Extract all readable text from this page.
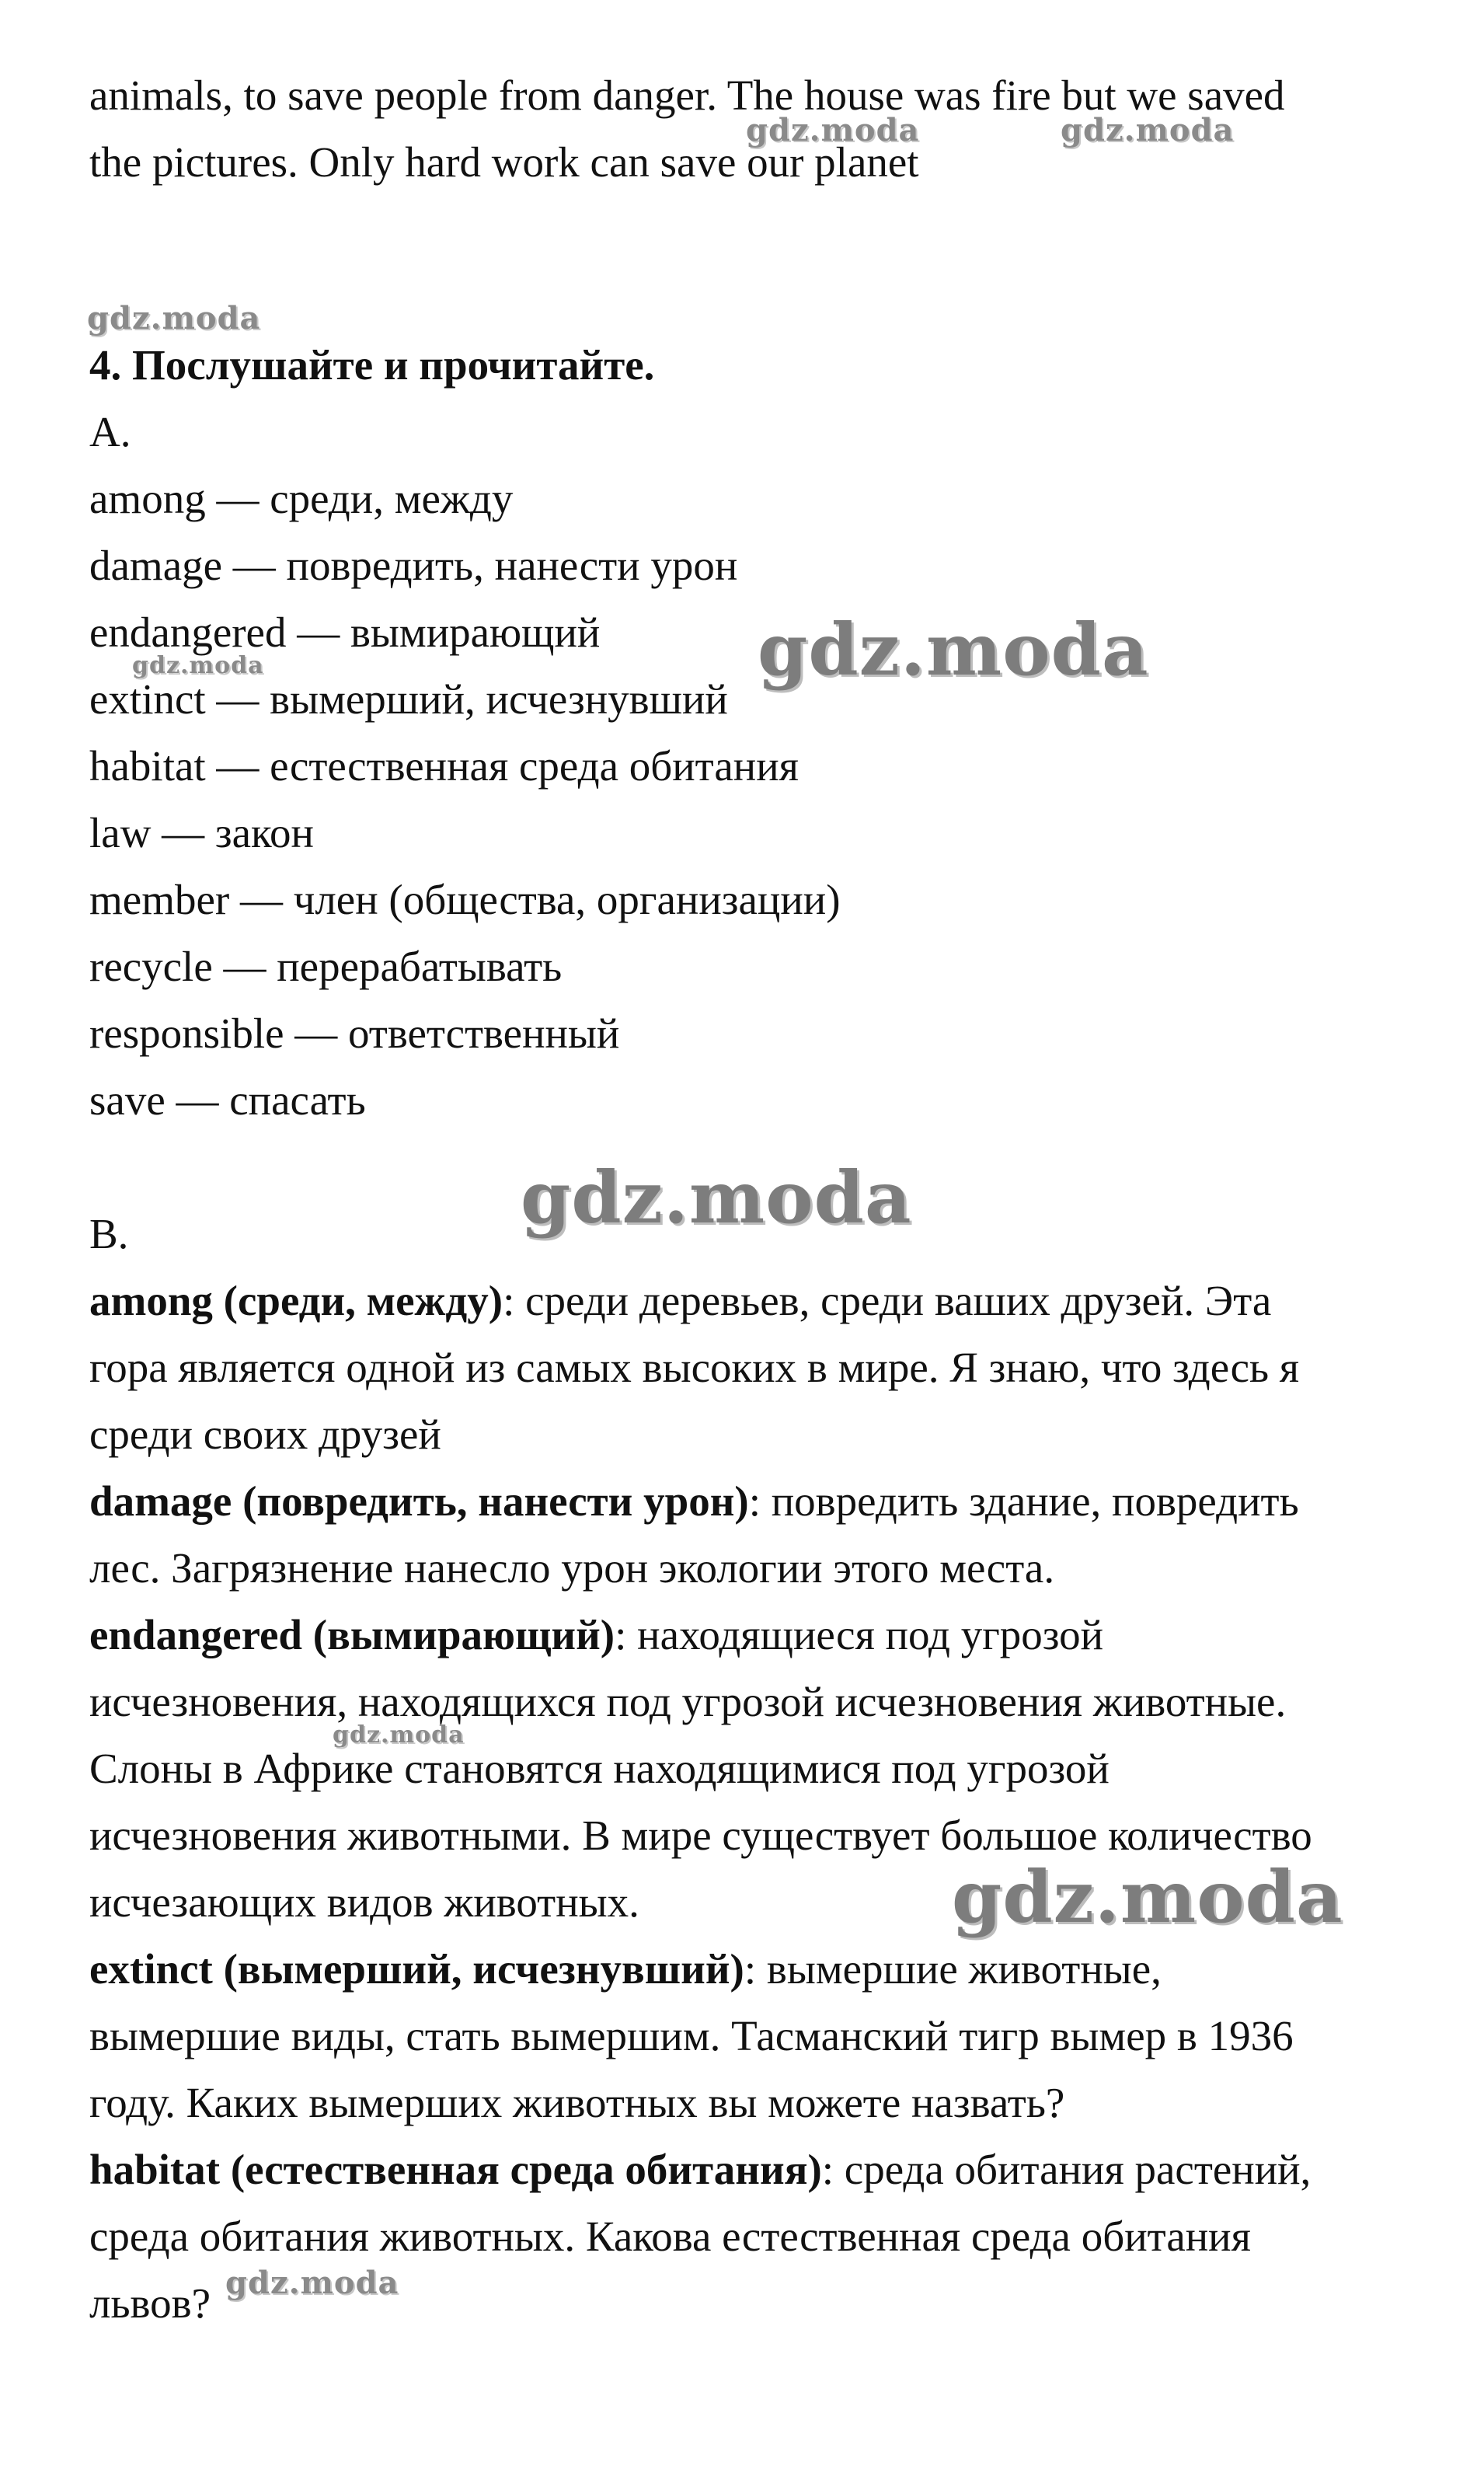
animals, to save people from danger. The house was fire but we saved
the pictures. Only hard work can save our planet
4. Послушайте и прочитайте.
A.
among — среди, между
damage — повредить, нанести урон
endangered — вымирающий
extinct — вымерший, исчезнувший
habitat — естественная среда обитания
law — закон
member — член (общества, организации)
recycle — перерабатывать
responsible — ответственный
save — спасать
B.
among (среди, между): среди деревьев, среди ваших друзей. Эта
гора является одной из самых высоких в мире. Я знаю, что здесь я
среди своих друзей
damage (повредить, нанести урон): повредить здание, повредить
лес. Загрязнение нанесло урон экологии этого места.
endangered (вымирающий): находящиеся под угрозой
исчезновения, находящихся под угрозой исчезновения животные.
Слоны в Африке становятся находящимися под угрозой
исчезновения животными. В мире существует большое количество
исчезающих видов животных.
extinct (вымерший, исчезнувший): вымершие животные,
вымершие виды, стать вымершим. Тасманский тигр вымер в 1936
году. Каких вымерших животных вы можете назвать?
habitat (естественная среда обитания): среда обитания растений,
среда обитания животных. Какова естественная среда обитания
львов?
gdz.moda	gdz.moda
gdz.moda
gdz.moda	gdz.moda
gdz.moda
gdz.moda
gdz.moda
gdz.moda
